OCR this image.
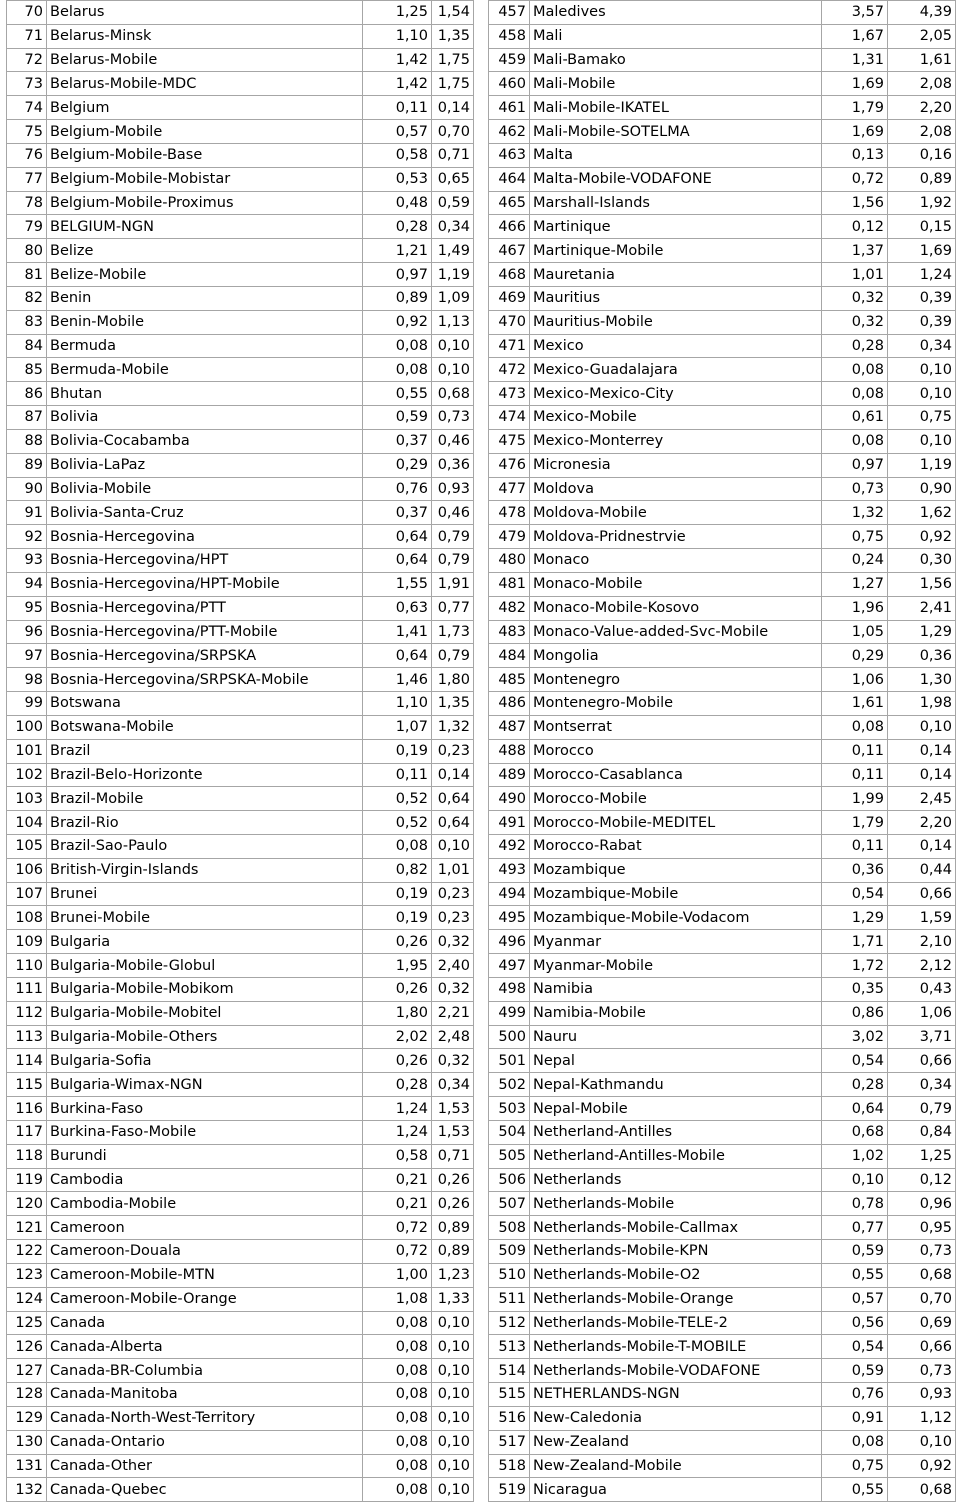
70	Belarus	1,25	1,54
71	Belarus-Minsk	1,10	1,35
72	Belarus-Mobile	1,42	1,75
73	Belarus-Mobile-MDC	1,42	1,75
74	Belgium	0,11	0,14
75	Belgium-Mobile	0,57	0,70
76	Belgium-Mobile-Base	0,58	0,71
77	Belgium-Mobile-Mobistar	0,53	0,65
78	Belgium-Mobile-Proximus	0,48	0,59
79	BELGIUM-NGN	0,28	0,34
80	Belize	1,21	1,49
81	Belize-Mobile	0,97	1,19
82	Benin	0,89	1,09
83	Benin-Mobile	0,92	1,13
84	Bermuda	0,08	0,10
85	Bermuda-Mobile	0,08	0,10
86	Bhutan	0,55	0,68
87	Bolivia	0,59	0,73
88	Bolivia-Cocabamba	0,37	0,46
89	Bolivia-LaPaz	0,29	0,36
90	Bolivia-Mobile	0,76	0,93
91	Bolivia-Santa-Cruz	0,37	0,46
92	Bosnia-Hercegovina	0,64	0,79
93	Bosnia-Hercegovina/HPT	0,64	0,79
94	Bosnia-Hercegovina/HPT-Mobile	1,55	1,91
95	Bosnia-Hercegovina/PTT	0,63	0,77
96	Bosnia-Hercegovina/PTT-Mobile	1,41	1,73
97	Bosnia-Hercegovina/SRPSKA	0,64	0,79
98	Bosnia-Hercegovina/SRPSKA-Mobile	1,46	1,80
99	Botswana	1,10	1,35
100	Botswana-Mobile	1,07	1,32
101	Brazil	0,19	0,23
102	Brazil-Belo-Horizonte	0,11	0,14
103	Brazil-Mobile	0,52	0,64
104	Brazil-Rio	0,52	0,64
105	Brazil-Sao-Paulo	0,08	0,10
106	British-Virgin-Islands	0,82	1,01
107	Brunei	0,19	0,23
108	Brunei-Mobile	0,19	0,23
109	Bulgaria	0,26	0,32
110	Bulgaria-Mobile-Globul	1,95	2,40
111	Bulgaria-Mobile-Mobikom	0,26	0,32
112	Bulgaria-Mobile-Mobitel	1,80	2,21
113	Bulgaria-Mobile-Others	2,02	2,48
114	Bulgaria-Sofia	0,26	0,32
115	Bulgaria-Wimax-NGN	0,28	0,34
116	Burkina-Faso	1,24	1,53
117	Burkina-Faso-Mobile	1,24	1,53
118	Burundi	0,58	0,71
119	Cambodia	0,21	0,26
120	Cambodia-Mobile	0,21	0,26
121	Cameroon	0,72	0,89
122	Cameroon-Douala	0,72	0,89
123	Cameroon-Mobile-MTN	1,00	1,23
124	Cameroon-Mobile-Orange	1,08	1,33
125	Canada	0,08	0,10
126	Canada-Alberta	0,08	0,10
127	Canada-BR-Columbia	0,08	0,10
128	Canada-Manitoba	0,08	0,10
129	Canada-North-West-Territory	0,08	0,10
130	Canada-Ontario	0,08	0,10
131	Canada-Other	0,08	0,10
132	Canada-Quebec	0,08	0,10
457	Maledives	3,57	4,39
458	Mali	1,67	2,05
459	Mali-Bamako	1,31	1,61
460	Mali-Mobile	1,69	2,08
461	Mali-Mobile-IKATEL	1,79	2,20
462	Mali-Mobile-SOTELMA	1,69	2,08
463	Malta	0,13	0,16
464	Malta-Mobile-VODAFONE	0,72	0,89
465	Marshall-Islands	1,56	1,92
466	Martinique	0,12	0,15
467	Martinique-Mobile	1,37	1,69
468	Mauretania	1,01	1,24
469	Mauritius	0,32	0,39
470	Mauritius-Mobile	0,32	0,39
471	Mexico	0,28	0,34
472	Mexico-Guadalajara	0,08	0,10
473	Mexico-Mexico-City	0,08	0,10
474	Mexico-Mobile	0,61	0,75
475	Mexico-Monterrey	0,08	0,10
476	Micronesia	0,97	1,19
477	Moldova	0,73	0,90
478	Moldova-Mobile	1,32	1,62
479	Moldova-Pridnestrvie	0,75	0,92
480	Monaco	0,24	0,30
481	Monaco-Mobile	1,27	1,56
482	Monaco-Mobile-Kosovo	1,96	2,41
483	Monaco-Value-added-Svc-Mobile	1,05	1,29
484	Mongolia	0,29	0,36
485	Montenegro	1,06	1,30
486	Montenegro-Mobile	1,61	1,98
487	Montserrat	0,08	0,10
488	Morocco	0,11	0,14
489	Morocco-Casablanca	0,11	0,14
490	Morocco-Mobile	1,99	2,45
491	Morocco-Mobile-MEDITEL	1,79	2,20
492	Morocco-Rabat	0,11	0,14
493	Mozambique	0,36	0,44
494	Mozambique-Mobile	0,54	0,66
495	Mozambique-Mobile-Vodacom	1,29	1,59
496	Myanmar	1,71	2,10
497	Myanmar-Mobile	1,72	2,12
498	Namibia	0,35	0,43
499	Namibia-Mobile	0,86	1,06
500	Nauru	3,02	3,71
501	Nepal	0,54	0,66
502	Nepal-Kathmandu	0,28	0,34
503	Nepal-Mobile	0,64	0,79
504	Netherland-Antilles	0,68	0,84
505	Netherland-Antilles-Mobile	1,02	1,25
506	Netherlands	0,10	0,12
507	Netherlands-Mobile	0,78	0,96
508	Netherlands-Mobile-Callmax	0,77	0,95
509	Netherlands-Mobile-KPN	0,59	0,73
510	Netherlands-Mobile-O2	0,55	0,68
511	Netherlands-Mobile-Orange	0,57	0,70
512	Netherlands-Mobile-TELE-2	0,56	0,69
513	Netherlands-Mobile-T-MOBILE	0,54	0,66
514	Netherlands-Mobile-VODAFONE	0,59	0,73
515	NETHERLANDS-NGN	0,76	0,93
516	New-Caledonia	0,91	1,12
517	New-Zealand	0,08	0,10
518	New-Zealand-Mobile	0,75	0,92
519	Nicaragua	0,55	0,68
